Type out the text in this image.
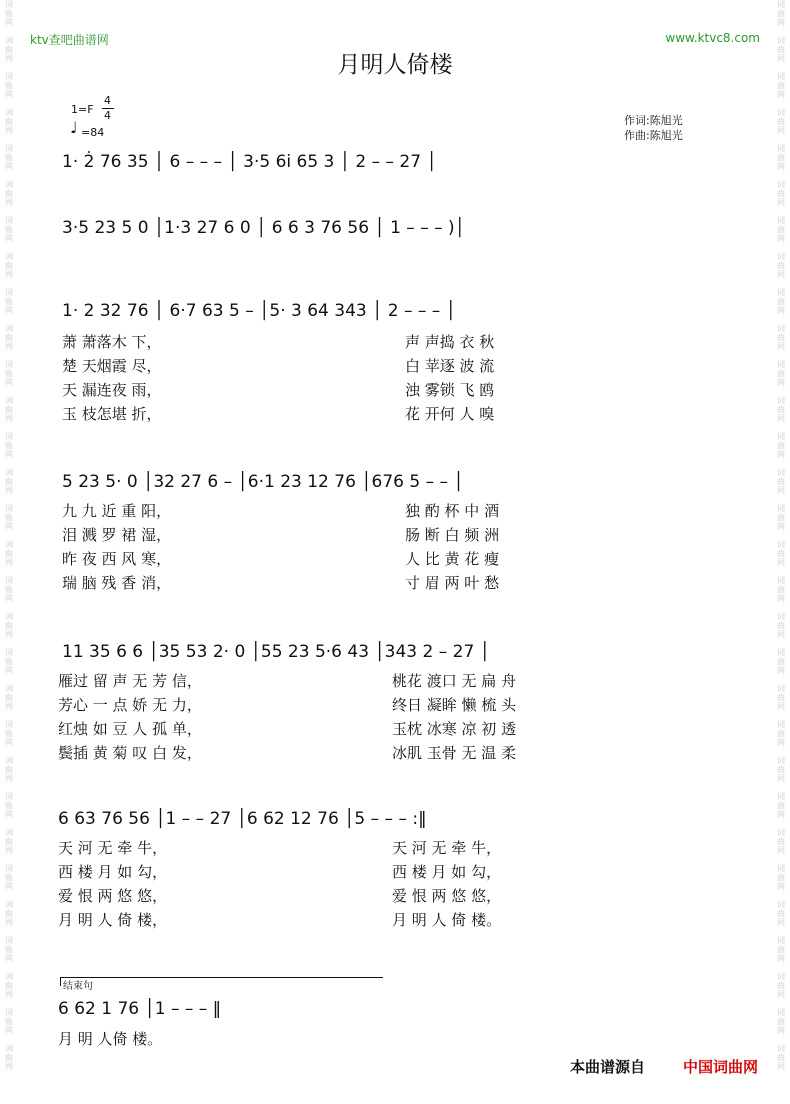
词
曲
网

词
曲
网

词
曲
网

词
曲
网

词
曲
网

词
曲
网

词
曲
网

词
曲
网

词
曲
网

词
曲
网

词
曲
网

词
曲
网

词
曲
网

词
曲
网

词
曲
网

词
曲
网

词
曲
网

词
曲
网

词
曲
网

词
曲
网

词
曲
网

词
曲
网

词
曲
网

词
曲
网

词
曲
网

词
曲
网

词
曲
网

词
曲
网

词
曲
网

词
曲
网

词
曲
网

词
曲
网

词
曲
网

词
曲
网

词
曲
网

词
曲
网

词
曲
网

词
曲
网

词
曲
网

词
曲
网

词
曲
网

词
曲
网

词
曲
网

词
曲
网

词
曲
网

词
曲
网

词
曲
网

词
曲
网

词
曲
网

词
曲
网

词
曲
网

词
曲
网

词
曲
网

词
曲
网

词
曲
网

词
曲
网

词
曲
网

词
曲
网

词
曲
网

词
曲
网

ktv查吧曲谱网	www.ktvc8.com
月明人倚楼
1=F
4
4
♩ =84
作词:陈旭光
作曲:陈旭光
1· 2̇ 76 35 │ 6 – – – │ 3·5 6i 65 3 │ 2 – – 27 │
3·5 23 5 0 │1·3 27 6 0 │ 6 6 3 76 56 │ 1 – – – )│
1· 2 32 76 │ 6·7 63 5 – │5· 3 64 343 │ 2 – – – │
萧 萧落木 下，	声 声捣 衣 秋
楚 天烟霞 尽，	白 苹逐 波 流
天 漏连夜 雨，	浊 雾锁 飞 鸥
玉 枝怎堪 折，	花 开何 人 嗅
5 23 5· 0 │32 27 6 – │6·1 23 12 76 │676 5 – – │
九 九 近 重 阳，	独 酌 杯 中 酒
泪 溅 罗 裙 湿，	肠 断 白 频 洲
昨 夜 西 风 寒，	人 比 黄 花 瘦
瑞 脑 残 香 消，	寸 眉 两 叶 愁
11 35 6 6 │35 53 2· 0 │55 23 5·6 43 │343 2 – 27 │
雁过 留 声 无 芳 信，	桃花 渡口 无 扁 舟
芳心 一 点 娇 无 力，	终日 凝眸 懒 梳 头
红烛 如 豆 人 孤 单，	玉枕 冰寒 凉 初 透
鬓插 黄 菊 叹 白 发，	冰肌 玉骨 无 温 柔
6 63 76 56 │1 – – 27 │6 62 12 76 │5 – – – :‖
天 河 无 牵 牛，	天 河 无 牵 牛，
西 楼 月 如 勾，	西 楼 月 如 勾，
爱 恨 两 悠 悠，	爱 恨 两 悠 悠，
月 明 人 倚 楼，	月 明 人 倚 楼。
结束句
6 62 1 76 │1 – – – ‖
月 明 人倚 楼。
本曲谱源自	中国词曲网
